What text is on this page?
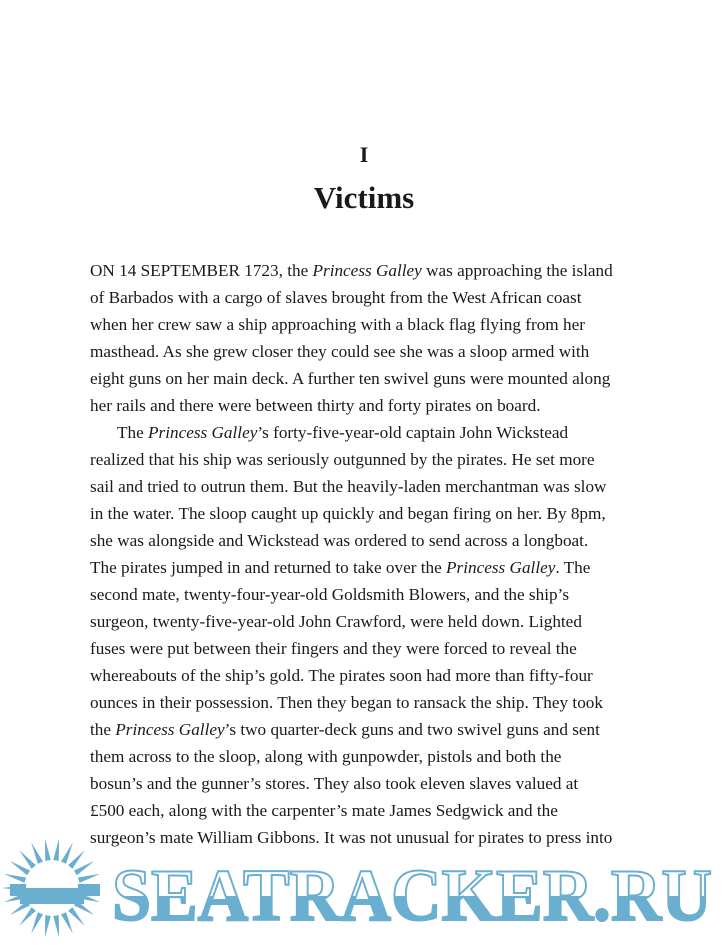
I
Victims
ON 14 SEPTEMBER 1723, the Princess Galley was approaching the island
of Barbados with a cargo of slaves brought from the West African coast
when her crew saw a ship approaching with a black flag flying from her
masthead. As she grew closer they could see she was a sloop armed with
eight guns on her main deck. A further ten swivel guns were mounted along
her rails and there were between thirty and forty pirates on board.
The Princess Galley’s forty-five-year-old captain John Wickstead
realized that his ship was seriously outgunned by the pirates. He set more
sail and tried to outrun them. But the heavily-laden merchantman was slow
in the water. The sloop caught up quickly and began firing on her. By 8pm,
she was alongside and Wickstead was ordered to send across a longboat.
The pirates jumped in and returned to take over the Princess Galley. The
second mate, twenty-four-year-old Goldsmith Blowers, and the ship’s
surgeon, twenty-five-year-old John Crawford, were held down. Lighted
fuses were put between their fingers and they were forced to reveal the
whereabouts of the ship’s gold. The pirates soon had more than fifty-four
ounces in their possession. Then they began to ransack the ship. They took
the Princess Galley’s two quarter-deck guns and two swivel guns and sent
them across to the sloop, along with gunpowder, pistols and both the
bosun’s and the gunner’s stores. They also took eleven slaves valued at
£500 each, along with the carpenter’s mate James Sedgwick and the
surgeon’s mate William Gibbons. It was not unusual for pirates to press into
SEATRACKER.RU
